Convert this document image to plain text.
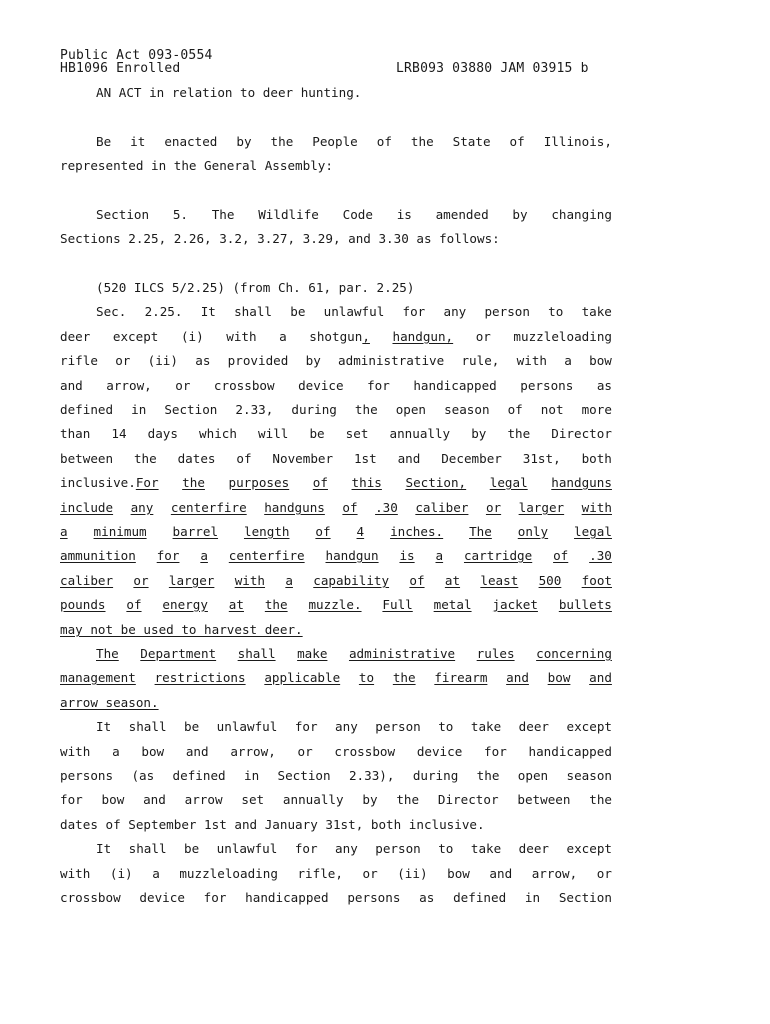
Public Act 093-0554
HB1096 Enrolled	LRB093 03880 JAM 03915 b
AN ACT in relation to deer hunting.
Be it enacted by the People of the State of Illinois,
represented in the General Assembly:
Section 5. The Wildlife Code is amended by changing
Sections 2.25, 2.26, 3.2, 3.27, 3.29, and 3.30 as follows:
(520 ILCS 5/2.25) (from Ch. 61, par. 2.25)
Sec. 2.25. It shall be unlawful for any person to take
deer except (i) with a shotgun, handgun, or muzzleloading
rifle or (ii) as provided by administrative rule, with a bow
and arrow, or crossbow device for handicapped persons as
defined in Section 2.33, during the open season of not more
than 14 days which will be set annually by the Director
between the dates of November 1st and December 31st, both
inclusive.For the purposes of this Section, legal handguns
include any centerfire handguns of .30 caliber or larger with
a minimum barrel length of 4 inches. The only legal
ammunition for a centerfire handgun is a cartridge of .30
caliber or larger with a capability of at least 500 foot
pounds of energy at the muzzle. Full metal jacket bullets
may not be used to harvest deer.
The Department shall make administrative rules concerning
management restrictions applicable to the firearm and bow and
arrow season.
It shall be unlawful for any person to take deer except
with a bow and arrow, or crossbow device for handicapped
persons (as defined in Section 2.33), during the open season
for bow and arrow set annually by the Director between the
dates of September 1st and January 31st, both inclusive.
It shall be unlawful for any person to take deer except
with (i) a muzzleloading rifle, or (ii) bow and arrow, or
crossbow device for handicapped persons as defined in Section
